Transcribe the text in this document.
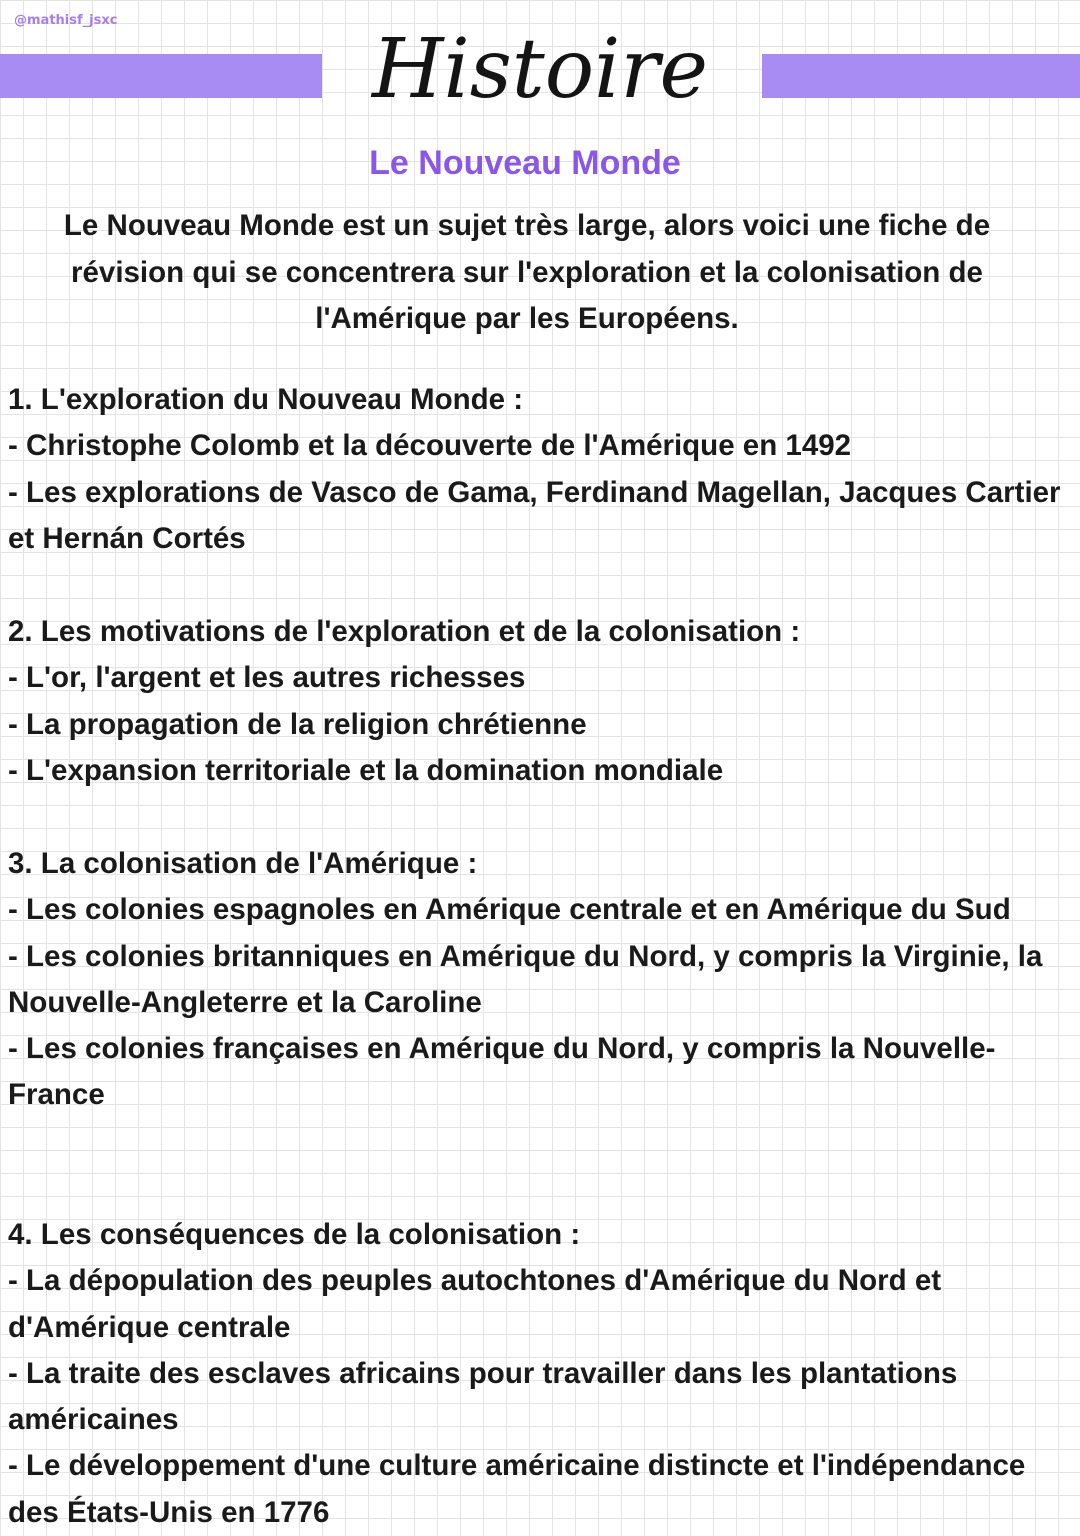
@mathisf_jsxc
Histoire
Le Nouveau Monde

Le Nouveau Monde est un sujet très large, alors voici une fiche de révision qui se concentrera sur l'exploration et la colonisation de l'Amérique par les Européens.

1. L'exploration du Nouveau Monde :

- Christophe Colomb et la découverte de l'Amérique en 1492

- Les explorations de Vasco de Gama, Ferdinand Magellan, Jacques Cartier et Hernán Cortés

2. Les motivations de l'exploration et de la colonisation :

- L'or, l'argent et les autres richesses

- La propagation de la religion chrétienne

- L'expansion territoriale et la domination mondiale

3. La colonisation de l'Amérique :

- Les colonies espagnoles en Amérique centrale et en Amérique du Sud

- Les colonies britanniques en Amérique du Nord, y compris la Virginie, la Nouvelle-Angleterre et la Caroline

- Les colonies françaises en Amérique du Nord, y compris la Nouvelle-France

4. Les conséquences de la colonisation :

- La dépopulation des peuples autochtones d'Amérique du Nord et d'Amérique centrale

- La traite des esclaves africains pour travailler dans les plantations américaines

- Le développement d'une culture américaine distincte et l'indépendance des États-Unis en 1776
